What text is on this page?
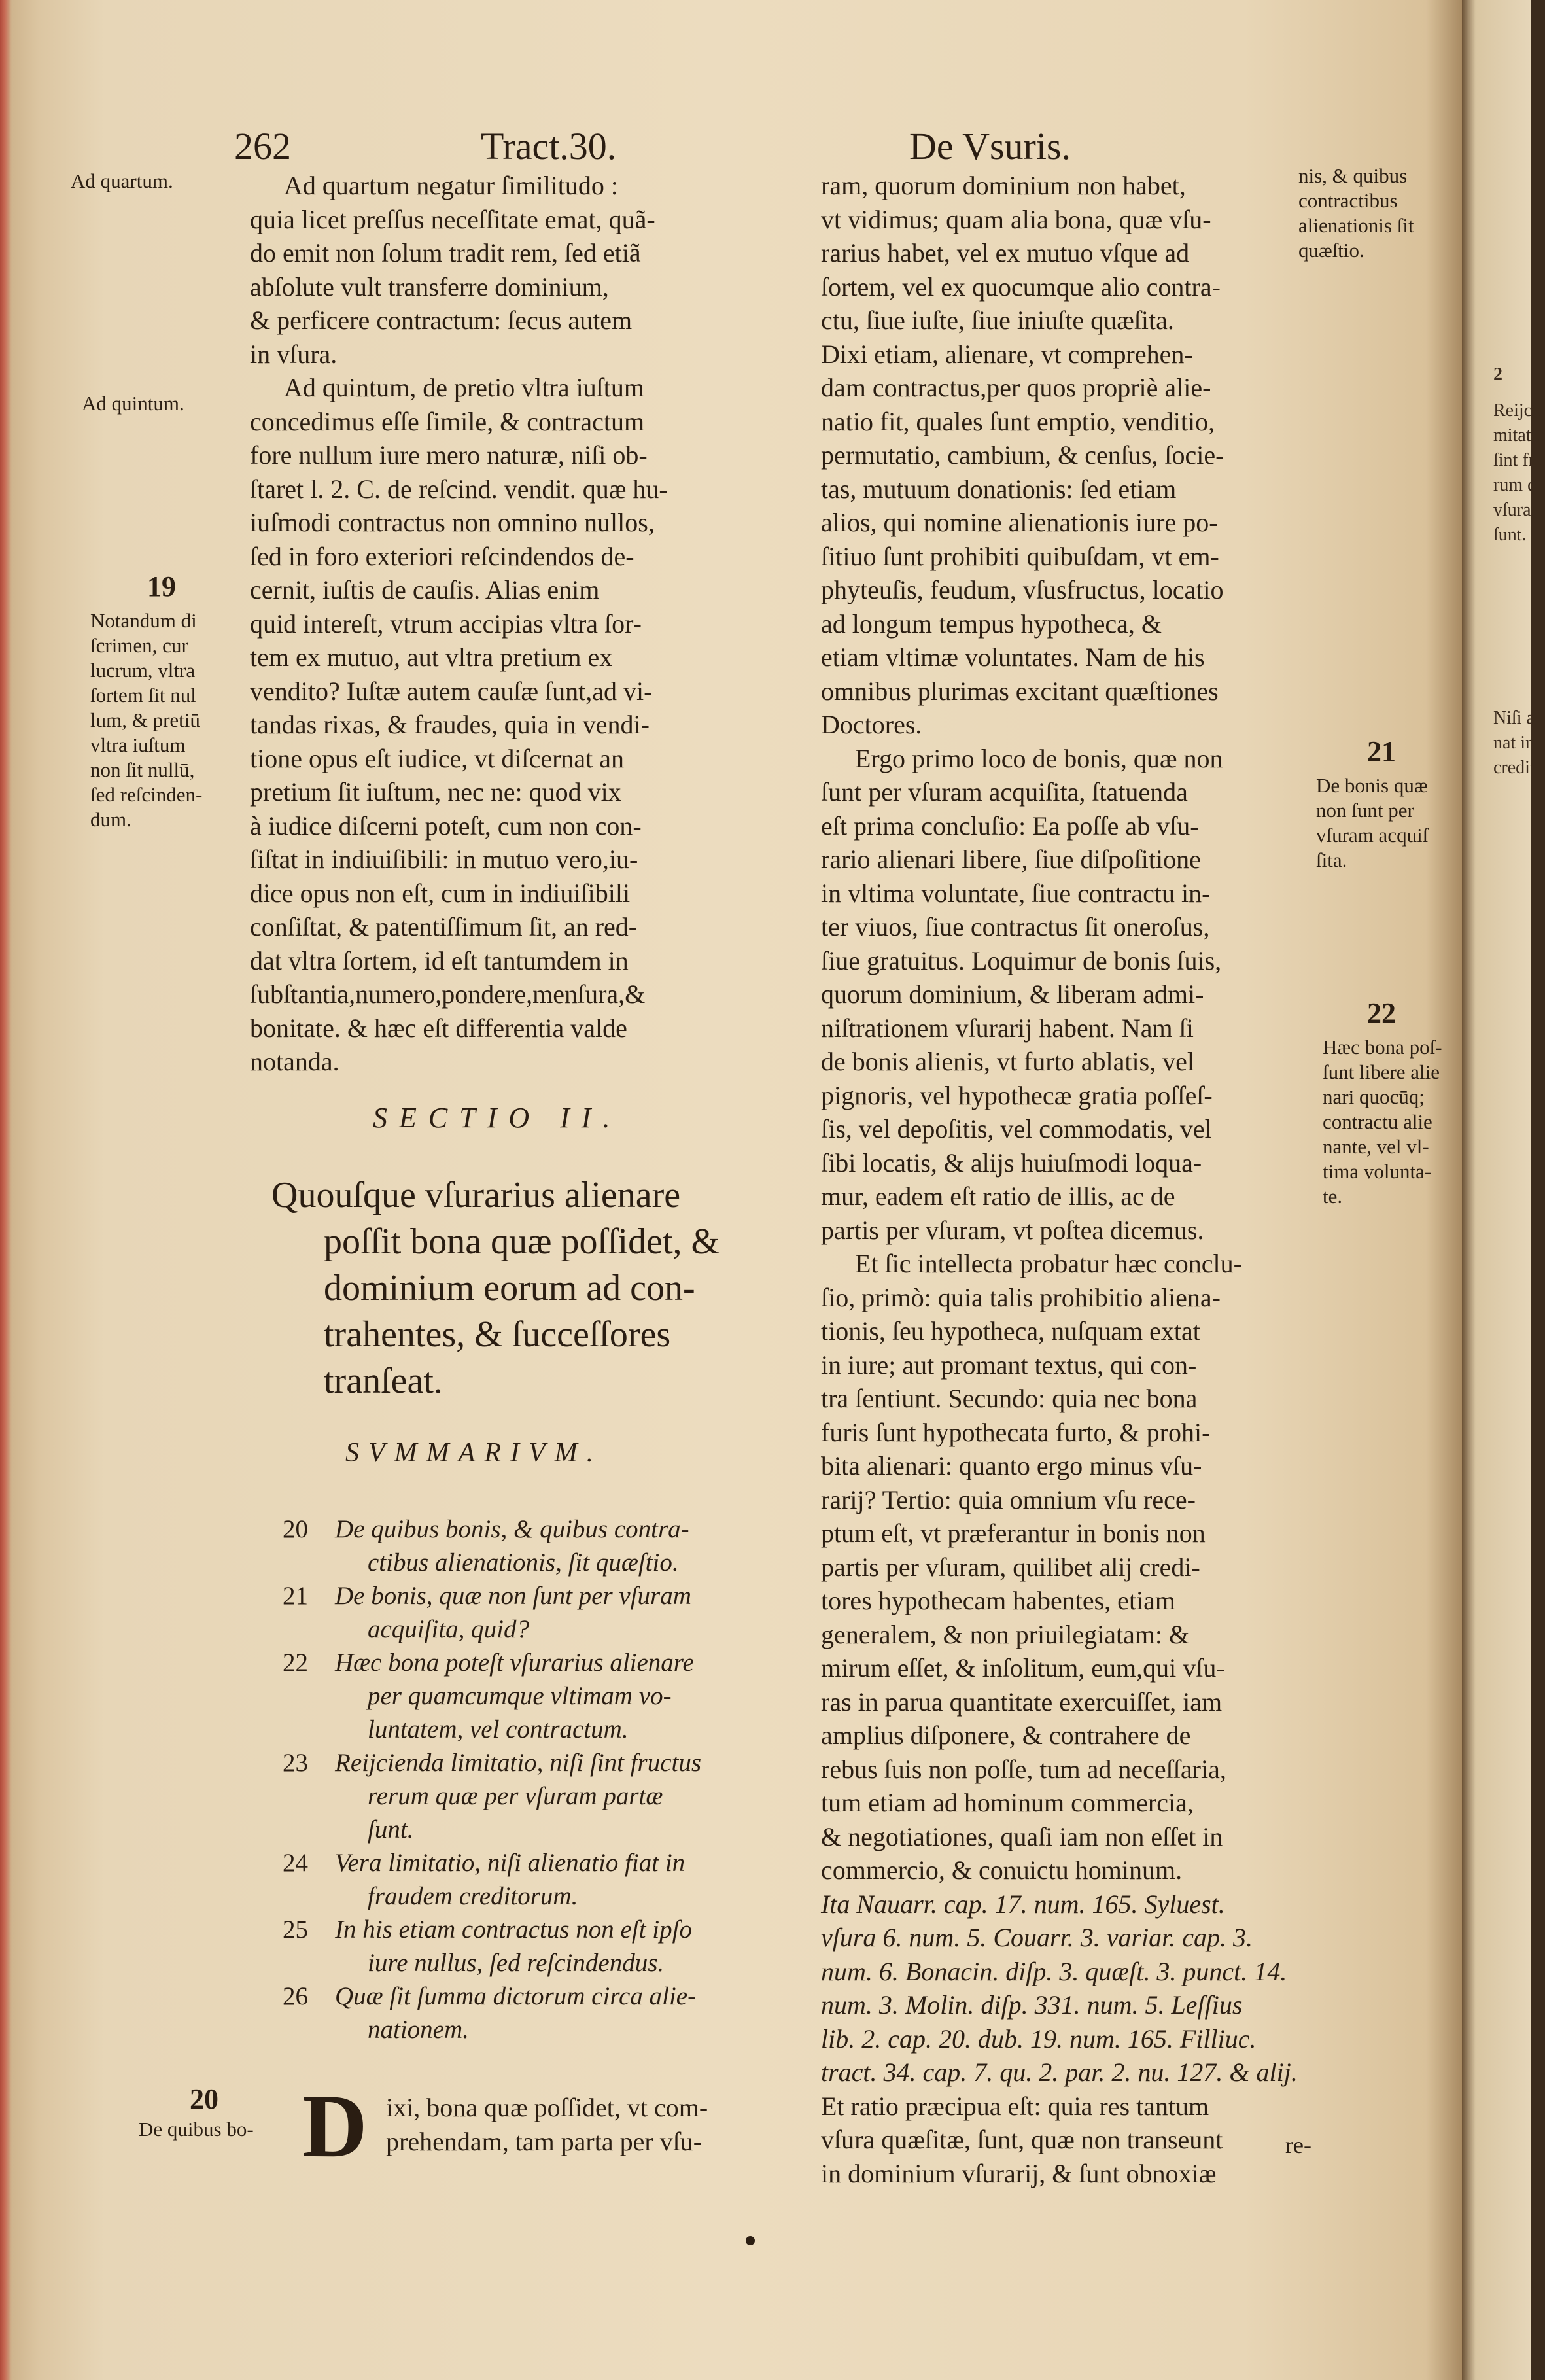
262	Tract.30.	De Vsuris.
Ad quartum.
Ad quintum.
19
Notandum di
ſcrimen, cur
lucrum, vltra
ſortem ſit nul
lum, & pretiū
vltra iuſtum
non ſit nullū,
ſed reſcinden-
dum.
20
De quibus bo-
Ad quartum negatur ſimilitudo :
quia licet preſſus neceſſitate emat, quã-
do emit non ſolum tradit rem, ſed etiã
abſolute vult transferre dominium,
& perficere contractum: ſecus autem
in vſura.
Ad quintum, de pretio vltra iuſtum
concedimus eſſe ſimile, & contractum
fore nullum iure mero naturæ, niſi ob-
ſtaret l. 2. C. de reſcind. vendit. quæ hu-
iuſmodi contractus non omnino nullos,
ſed in foro exteriori reſcindendos de-
cernit, iuſtis de cauſis. Alias enim
quid intereſt, vtrum accipias vltra ſor-
tem ex mutuo, aut vltra pretium ex
vendito? Iuſtæ autem cauſæ ſunt,ad vi-
tandas rixas, & fraudes, quia in vendi-
tione opus eſt iudice, vt diſcernat an
pretium ſit iuſtum, nec ne: quod vix
à iudice diſcerni poteſt, cum non con-
ſiſtat in indiuiſibili: in mutuo vero,iu-
dice opus non eſt, cum in indiuiſibili
conſiſtat, & patentiſſimum ſit, an red-
dat vltra ſortem, id eſt tantumdem in
ſubſtantia,numero,pondere,menſura,&
bonitate. & hæc eſt differentia valde
notanda.
SECTIO II.
Quouſque vſurarius alienare
poſſit bona quæ poſſidet, &
dominium eorum ad con-
trahentes, & ſucceſſores
tranſeat.
SVMMARIVM.
20 De quibus bonis, & quibus contra-
ctibus alienationis, ſit quæſtio.
21 De bonis, quæ non ſunt per vſuram
acquiſita, quid?
22 Hæc bona poteſt vſurarius alienare
per quamcumque vltimam vo-
luntatem, vel contractum.
23 Reijcienda limitatio, niſi ſint fructus
rerum quæ per vſuram partæ
ſunt.
24 Vera limitatio, niſi alienatio fiat in
fraudem creditorum.
25 In his etiam contractus non eſt ipſo
iure nullus, ſed reſcindendus.
26 Quæ ſit ſumma dictorum circa alie-
nationem.
D ixi, bona quæ poſſidet, vt com-
prehendam, tam parta per vſu-
ram, quorum dominium non habet,
vt vidimus; quam alia bona, quæ vſu-
rarius habet, vel ex mutuo vſque ad
ſortem, vel ex quocumque alio contra-
ctu, ſiue iuſte, ſiue iniuſte quæſita.
Dixi etiam, alienare, vt comprehen-
dam contractus,per quos propriè alie-
natio fit, quales ſunt emptio, venditio,
permutatio, cambium, & cenſus, ſocie-
tas, mutuum donationis: ſed etiam
alios, qui nomine alienationis iure po-
ſitiuo ſunt prohibiti quibuſdam, vt em-
phyteuſis, feudum, vſusfructus, locatio
ad longum tempus hypotheca, &
etiam vltimæ voluntates. Nam de his
omnibus plurimas excitant quæſtiones
Doctores.
Ergo primo loco de bonis, quæ non
ſunt per vſuram acquiſita, ſtatuenda
eſt prima concluſio: Ea poſſe ab vſu-
rario alienari libere, ſiue diſpoſitione
in vltima voluntate, ſiue contractu in-
ter viuos, ſiue contractus ſit oneroſus,
ſiue gratuitus. Loquimur de bonis ſuis,
quorum dominium, & liberam admi-
niſtrationem vſurarij habent. Nam ſi
de bonis alienis, vt furto ablatis, vel
pignoris, vel hypothecæ gratia poſſeſ-
ſis, vel depoſitis, vel commodatis, vel
ſibi locatis, & alijs huiuſmodi loqua-
mur, eadem eſt ratio de illis, ac de
partis per vſuram, vt poſtea dicemus.
Et ſic intellecta probatur hæc conclu-
ſio, primò: quia talis prohibitio aliena-
tionis, ſeu hypotheca, nuſquam extat
in iure; aut promant textus, qui con-
tra ſentiunt. Secundo: quia nec bona
furis ſunt hypothecata furto, & prohi-
bita alienari: quanto ergo minus vſu-
rarij? Tertio: quia omnium vſu rece-
ptum eſt, vt præferantur in bonis non
partis per vſuram, quilibet alij credi-
tores hypothecam habentes, etiam
generalem, & non priuilegiatam: &
mirum eſſet, & inſolitum, eum,qui vſu-
ras in parua quantitate exercuiſſet, iam
amplius diſponere, & contrahere de
rebus ſuis non poſſe, tum ad neceſſaria,
tum etiam ad hominum commercia,
& negotiationes, quaſi iam non eſſet in
commercio, & conuictu hominum.
Ita Nauarr. cap. 17. num. 165. Syluest.
vſura 6. num. 5. Couarr. 3. variar. cap. 3.
num. 6. Bonacin. diſp. 3. quæſt. 3. punct. 14.
num. 3. Molin. diſp. 331. num. 5. Leſſius
lib. 2. cap. 20. dub. 19. num. 165. Filliuc.
tract. 34. cap. 7. qu. 2. par. 2. nu. 127. & alij.
Et ratio præcipua eſt: quia res tantum
vſura quæſitæ, ſunt, quæ non transeunt
in dominium vſurarij, & ſunt obnoxiæ
re-
nis, & quibus
contractibus
alienationis ſit
quæſtio.
21
De bonis quæ
non ſunt per
vſuram acquiſ
ſita.
22
Hæc bona poſ-
ſunt libere alie
nari quocūq;
contractu alie
nante, vel vl-
tima volunta-
te.
2
Reijcie
mitatio
ſint fru
rum q
vſuram
ſunt.
Niſi a
nat in
credit
